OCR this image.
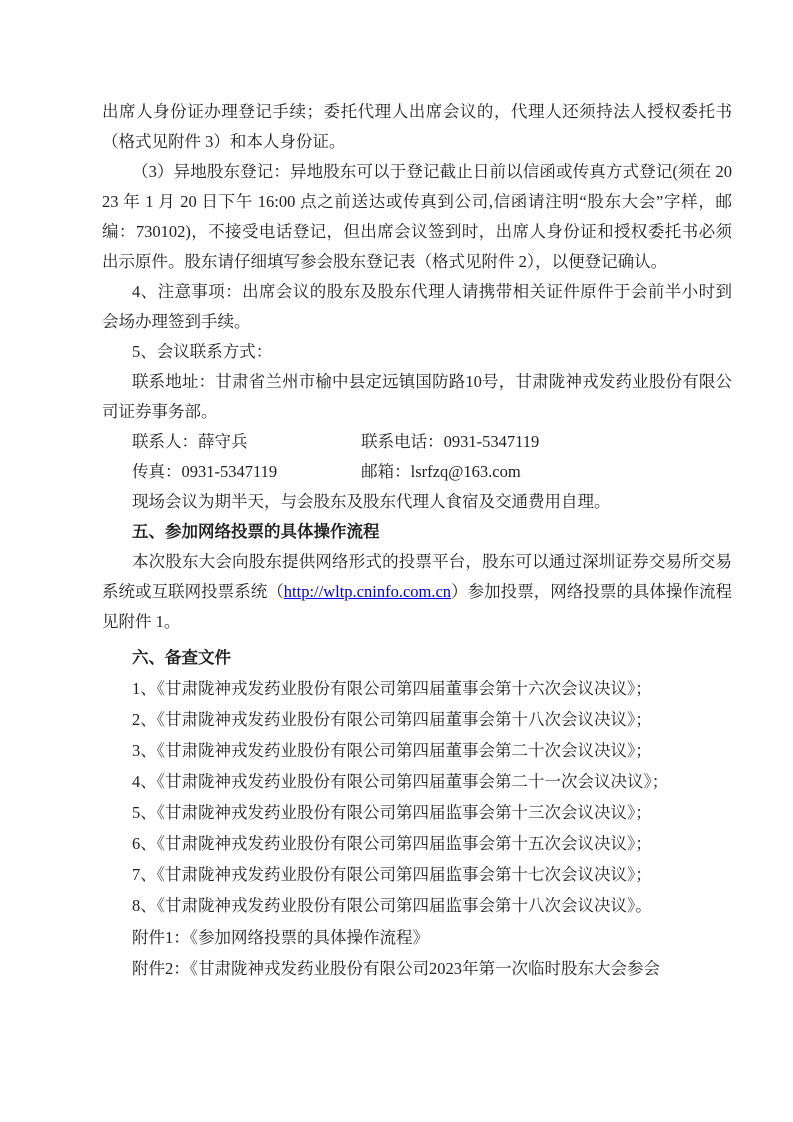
出席人身份证办理登记手续；委托代理人出席会议的，代理人还须持法人授权委托书（格式见附件 3）和本人身份证。

（3）异地股东登记：异地股东可以于登记截止日前以信函或传真方式登记(须在 2023 年 1 月 20 日下午 16:00 点之前送达或传真到公司,信函请注明“股东大会”字样，邮编：730102)，不接受电话登记，但出席会议签到时，出席人身份证和授权委托书必须出示原件。股东请仔细填写参会股东登记表（格式见附件 2），以便登记确认。

4、注意事项：出席会议的股东及股东代理人请携带相关证件原件于会前半小时到会场办理签到手续。

5、会议联系方式：

联系地址：甘肃省兰州市榆中县定远镇国防路10号，甘肃陇神戎发药业股份有限公司证券事务部。

联系人：薛守兵	联系电话：0931-5347119

传真：0931-5347119	邮箱：lsrfzq@163.com

现场会议为期半天，与会股东及股东代理人食宿及交通费用自理。

五、参加网络投票的具体操作流程

本次股东大会向股东提供网络形式的投票平台，股东可以通过深圳证券交易所交易系统或互联网投票系统（http://wltp.cninfo.com.cn）参加投票，网络投票的具体操作流程见附件 1。

六、备查文件

1、《甘肃陇神戎发药业股份有限公司第四届董事会第十六次会议决议》；

2、《甘肃陇神戎发药业股份有限公司第四届董事会第十八次会议决议》；

3、《甘肃陇神戎发药业股份有限公司第四届董事会第二十次会议决议》；

4、《甘肃陇神戎发药业股份有限公司第四届董事会第二十一次会议决议》；

5、《甘肃陇神戎发药业股份有限公司第四届监事会第十三次会议决议》；

6、《甘肃陇神戎发药业股份有限公司第四届监事会第十五次会议决议》；

7、《甘肃陇神戎发药业股份有限公司第四届监事会第十七次会议决议》；

8、《甘肃陇神戎发药业股份有限公司第四届监事会第十八次会议决议》。

附件1：《参加网络投票的具体操作流程》

附件2：《甘肃陇神戎发药业股份有限公司2023年第一次临时股东大会参会
